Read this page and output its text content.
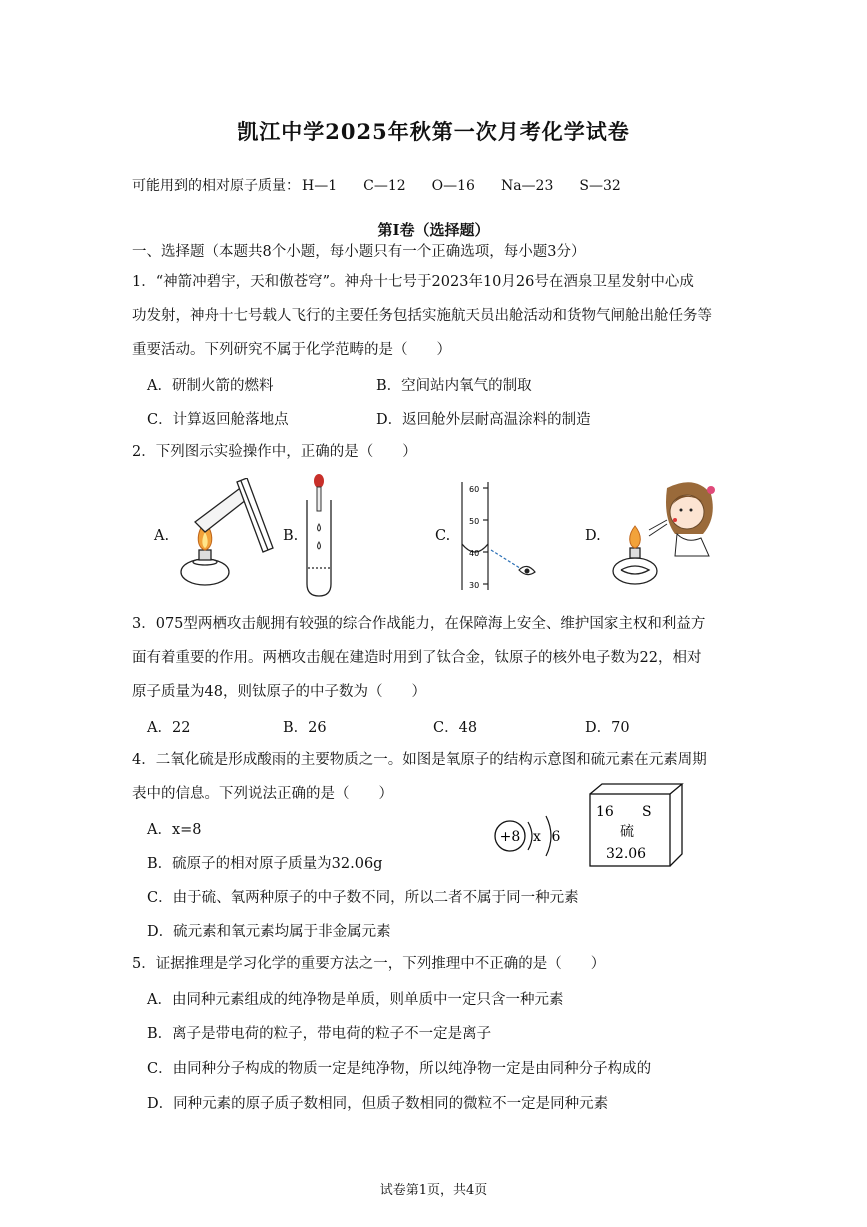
凯江中学2025年秋第一次月考化学试卷
可能用到的相对原子质量： H—1 C—12 O—16 Na—23 S—32
第Ⅰ卷（选择题）
一、选择题（本题共8个小题，每小题只有一个正确选项，每小题3分）
1．“神箭冲碧宇，天和傲苍穹”。神舟十七号于2023年10月26号在酒泉卫星发射中心成
功发射，神舟十七号载人飞行的主要任务包括实施航天员出舱活动和货物气闸舱出舱任务等
重要活动。下列研究不属于化学范畴的是（　　）
A．研制火箭的燃料	B．空间站内氧气的制取
C．计算返回舱落地点	D．返回舱外层耐高温涂料的制造
2．下列图示实验操作中，正确的是（　　）
A.	B.	C.
60
50
40
30
D.
3．075型两栖攻击舰拥有较强的综合作战能力，在保障海上安全、维护国家主权和利益方
面有着重要的作用。两栖攻击舰在建造时用到了钛合金，钛原子的核外电子数为22，相对
原子质量为48，则钛原子的中子数为（　　）
A．22	B．26	C．48	D．70
4．二氧化硫是形成酸雨的主要物质之一。如图是氧原子的结构示意图和硫元素在元素周期
表中的信息。下列说法正确的是（　　）
A．x=8
B．硫原子的相对原子质量为32.06g
C．由于硫、氧两种原子的中子数不同，所以二者不属于同一种元素
D．硫元素和氧元素均属于非金属元素
+8 x 6
16 S
硫
32.06
5．证据推理是学习化学的重要方法之一，下列推理中不正确的是（　　）
A．由同种元素组成的纯净物是单质，则单质中一定只含一种元素
B．离子是带电荷的粒子，带电荷的粒子不一定是离子
C．由同种分子构成的物质一定是纯净物，所以纯净物一定是由同种分子构成的
D．同种元素的原子质子数相同，但质子数相同的微粒不一定是同种元素
试卷第1页，共4页
